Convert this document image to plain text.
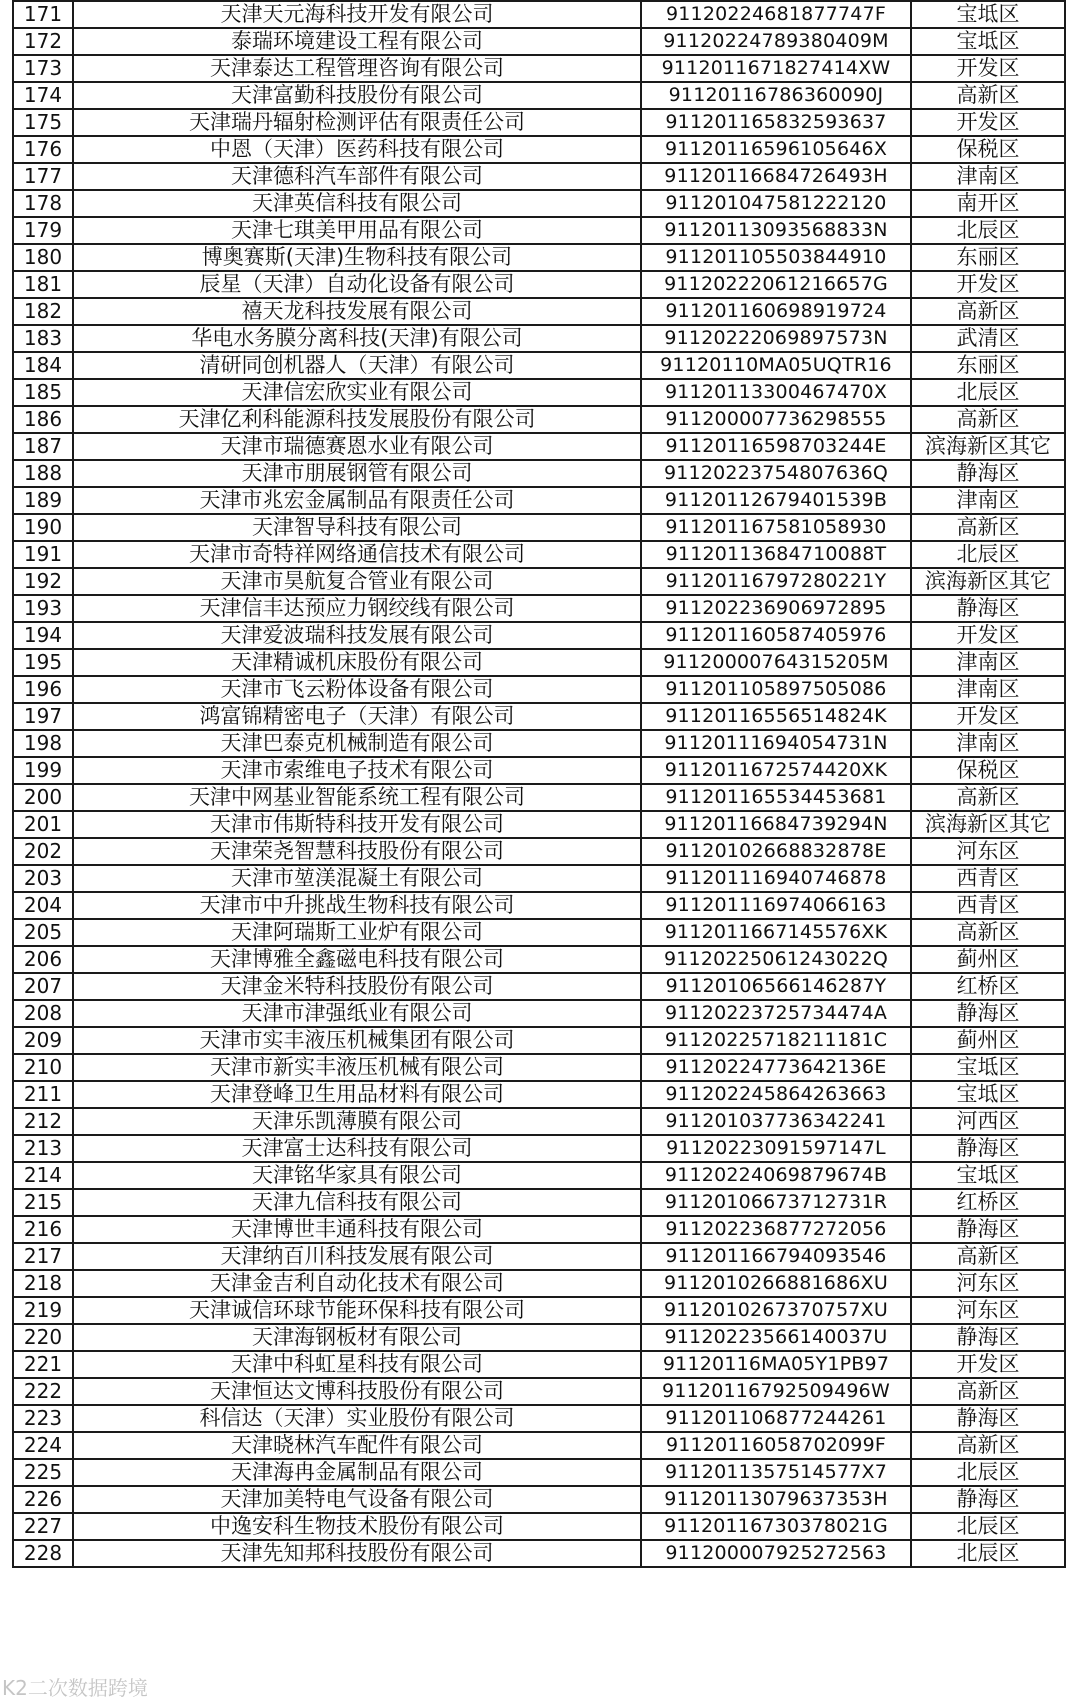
171	天津天元海科技开发有限公司	91120224681877747F	宝坻区
172	泰瑞环境建设工程有限公司	91120224789380409M	宝坻区
173	天津泰达工程管理咨询有限公司	9112011671827414XW	开发区
174	天津富勤科技股份有限公司	91120116786360090J	高新区
175	天津瑞丹辐射检测评估有限责任公司	911201165832593637	开发区
176	中恩（天津）医药科技有限公司	9112011659610564​6X	保税区
177	天津德科汽车部件有限公司	91120116684726493H	津南区
178	天津英信科技有限公司	911201047581222120	南开区
179	天津七琪美甲用品有限公司	91120113093568833N	北辰区
180	博奥赛斯(天津)生物科技有限公司	911201105503844910	东丽区
181	辰星（天津）自动化设备有限公司	91120222061216657G	开发区
182	禧天龙科技发展有限公司	911201160698919724	高新区
183	华电水务膜分离科技(天津)有限公司	91120222069897573N	武清区
184	清研同创机器人（天津）有限公司	91120110MA05UQTR16	东丽区
185	天津信宏欣实业有限公司	91120113300467470X	北辰区
186	天津亿利科能源科技发展股份有限公司	911200007736298555	高新区
187	天津市瑞德赛恩水业有限公司	91120116598703244E	滨海新区其它
188	天津市朋展钢管有限公司	91120223754807636Q	静海区
189	天津市兆宏金属制品有限责任公司	91120112679401539B	津南区
190	天津智导科技有限公司	911201167581058930	高新区
191	天津市奇特祥网络通信技术有限公司	91120113684710088T	北辰区
192	天津市昊航复合管业有限公司	91120116797280221Y	滨海新区其它
193	天津信丰达预应力钢绞线有限公司	911202236906972895	静海区
194	天津爱波瑞科技发展有限公司	911201160587405976	开发区
195	天津精诚机床股份有限公司	91120000764315205M	津南区
196	天津市飞云粉体设备有限公司	911201105897505086	津南区
197	鸿富锦精密电子（天津）有限公司	91120116556514824K	开发区
198	天津巴泰克机械制造有限公司	91120111694054731N	津南区
199	天津市索维电子技术有限公司	9112011672574420XK	保税区
200	天津中网基业智能系统工程有限公司	911201165534453681	高新区
201	天津市伟斯特科技开发有限公司	91120116684739294N	滨海新区其它
202	天津荣尧智慧科技股份有限公司	91120102668832878E	河东区
203	天津市堃渼混凝土有限公司	911201116940746878	西青区
204	天津市中升挑战生物科技有限公司	911201116974066163	西青区
205	天津阿瑞斯工业炉有限公司	9112011667145576XK	高新区
206	天津博雅全鑫磁电科技有限公司	91120225061243022Q	蓟州区
207	天津金米特科技股份有限公司	91120106566146287Y	红桥区
208	天津市津强纸业有限公司	91120223725734474A	静海区
209	天津市实丰液压机械集团有限公司	91120225718211181C	蓟州区
210	天津市新实丰液压机械有限公司	91120224773642136E	宝坻区
211	天津登峰卫生用品材料有限公司	911202245864263663	宝坻区
212	天津乐凯薄膜有限公司	911201037736342241	河西区
213	天津富士达科技有限公司	91120223091597147L	静海区
214	天津铭华家具有限公司	91120224069879674B	宝坻区
215	天津九信科技有限公司	91120106673712731R	红桥区
216	天津博世丰通科技有限公司	911202236877272056	静海区
217	天津纳百川科技发展有限公司	911201166794093546	高新区
218	天津金吉利自动化技术有限公司	9112010266881686XU	河东区
219	天津诚信环球节能环保科技有限公司	9112010267370757XU	河东区
220	天津海钢板材有限公司	91120223566140037U	静海区
221	天津中科虹星科技有限公司	91120116MA05Y1PB97	开发区
222	天津恒达文博科技股份有限公司	91120116792509496W	高新区
223	科信达（天津）实业股份有限公司	911201106877244261	静海区
224	天津晓林汽车配件有限公司	91120116058702099F	高新区
225	天津海冉金属制品有限公司	9112011357514577X7	北辰区
226	天津加美特电气设备有限公司	91120113079637353H	静海区
227	中逸安科生物技术股份有限公司	91120116730378021G	北辰区
228	天津先知邦科技股份有限公司	911200007925272563	北辰区
K2二次数据跨境
